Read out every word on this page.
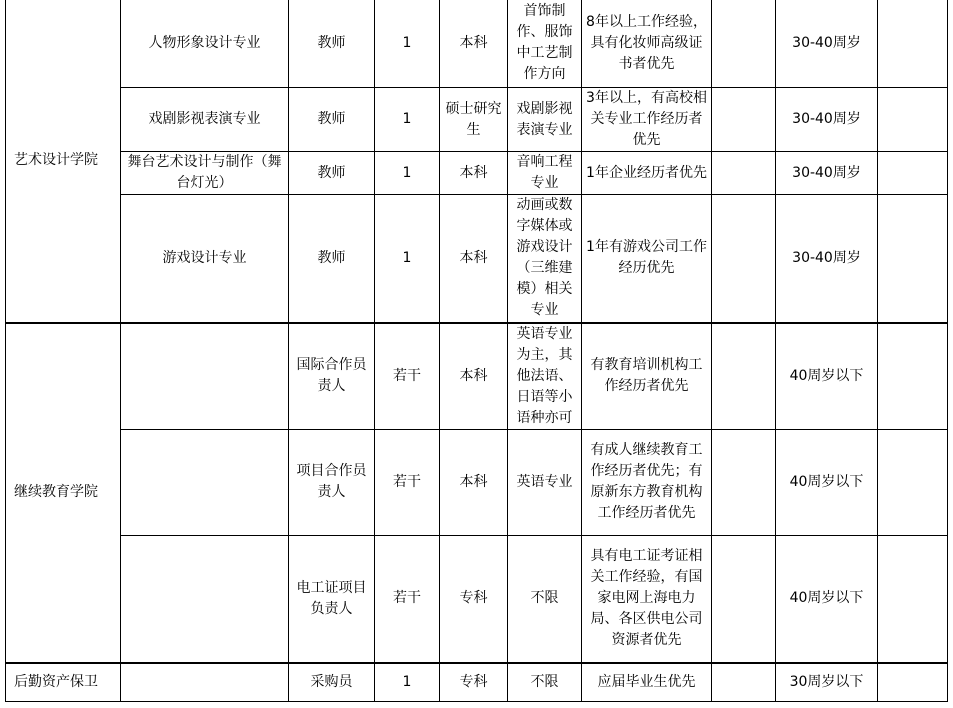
艺术设计学院	人物形象设计专业	教师	1	本科	首饰制作、服饰中工艺制作方向	8年以上工作经验，具有化妆师高级证书者优先		30-40周岁	
	戏剧影视表演专业	教师	1	硕士研究生	戏剧影视表演专业	3年以上，有高校相关专业工作经历者优先		30-40周岁	
	舞台艺术设计与制作（舞台灯光）	教师	1	本科	音响工程专业	1年企业经历者优先		30-40周岁	
	游戏设计专业	教师	1	本科	动画或数字媒体或游戏设计（三维建模）相关专业	1年有游戏公司工作经历优先		30-40周岁	
继续教育学院		国际合作员责人	若干	本科	英语专业为主，其他法语、日语等小语种亦可	有教育培训机构工作经历者优先		40周岁以下	
		项目合作员责人	若干	本科	英语专业	有成人继续教育工作经历者优先；有原新东方教育机构工作经历者优先		40周岁以下	
		电工证项目负责人	若干	专科	不限	具有电工证考证相关工作经验，有国家电网上海电力局、各区供电公司资源者优先		40周岁以下	
后勤资产保卫		采购员	1	专科	不限	应届毕业生优先		30周岁以下	
